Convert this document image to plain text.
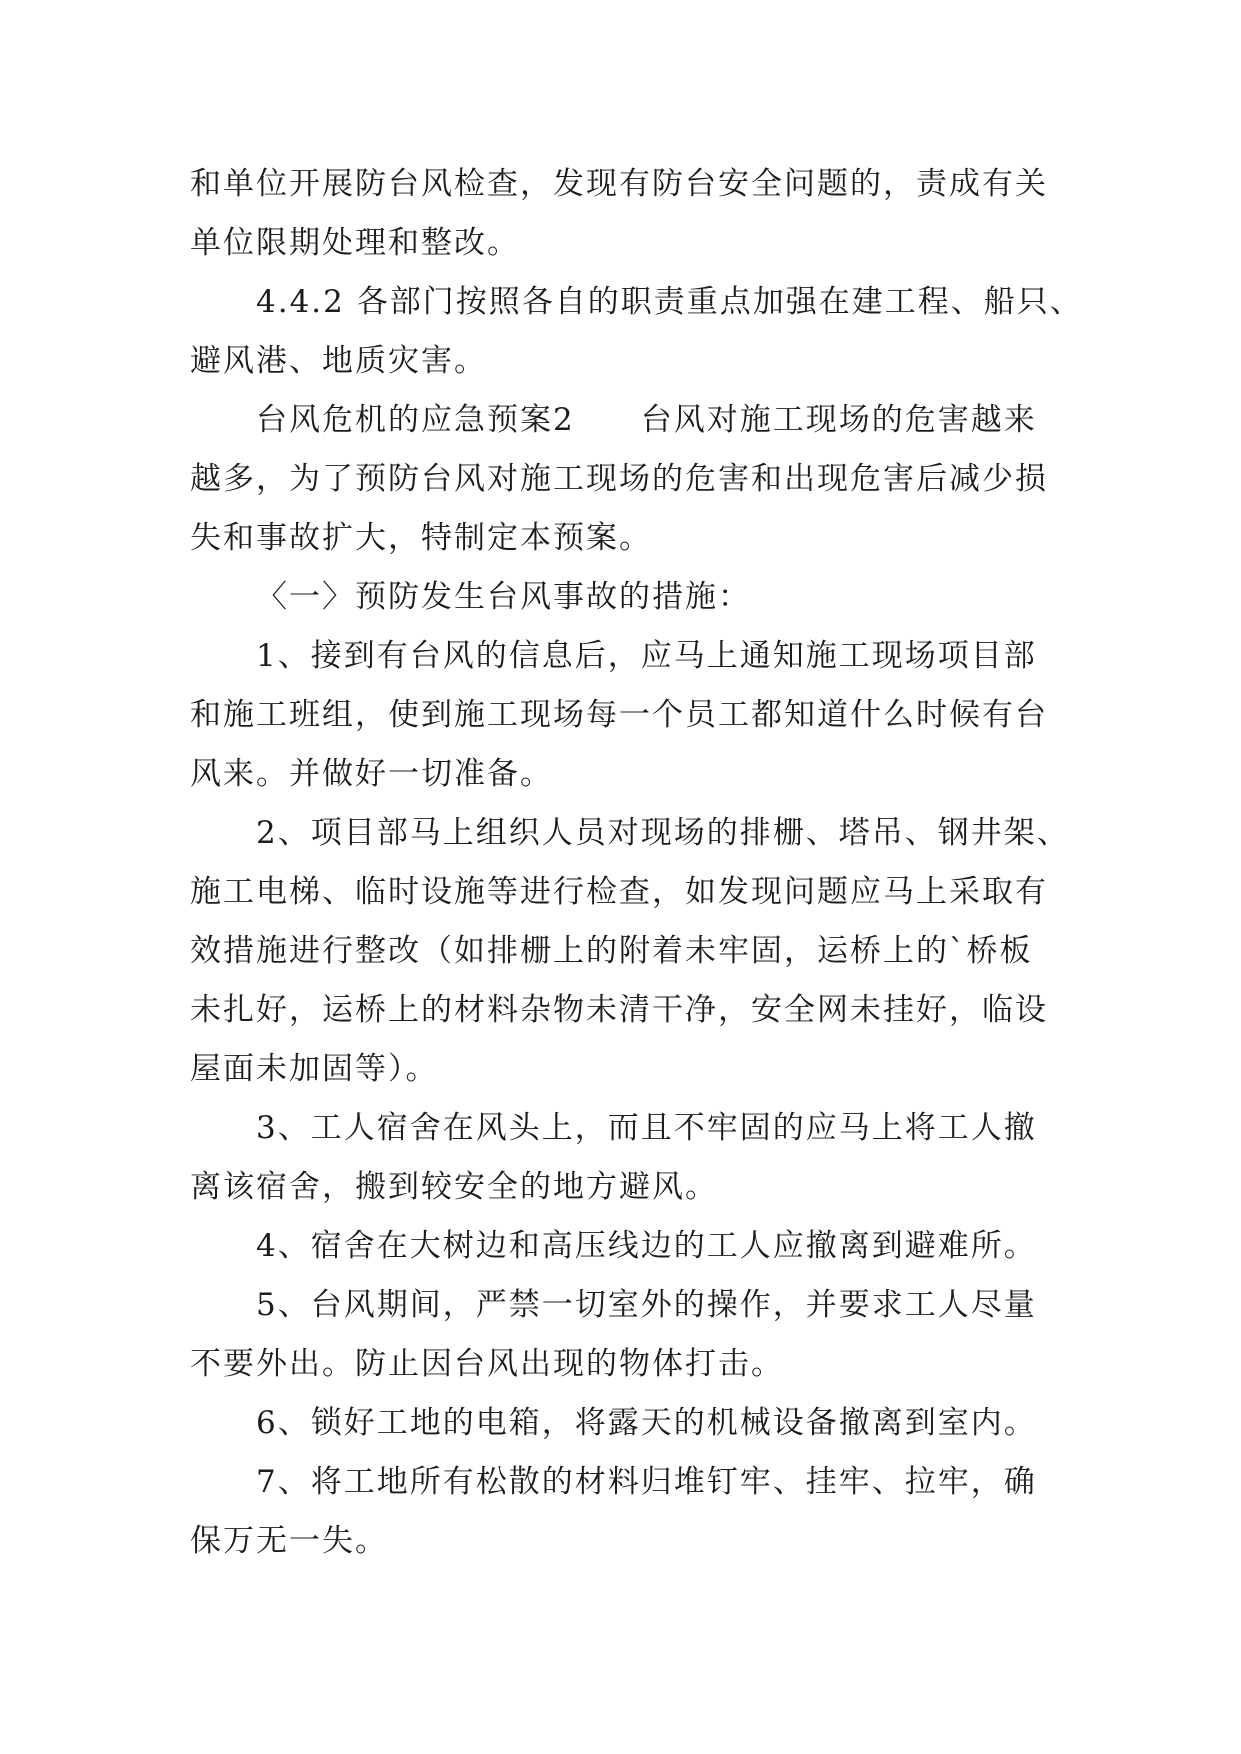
和单位开展防台风检查，发现有防台安全问题的，责成有关
单位限期处理和整改。
4.4.2 各部门按照各自的职责重点加强在建工程、船只、
避风港、地质灾害。
台风危机的应急预案2　　台风对施工现场的危害越来
越多，为了预防台风对施工现场的危害和出现危害后减少损
失和事故扩大，特制定本预案。
〈一〉预防发生台风事故的措施：
1、接到有台风的信息后，应马上通知施工现场项目部
和施工班组，使到施工现场每一个员工都知道什么时候有台
风来。并做好一切准备。
2、项目部马上组织人员对现场的排栅、塔吊、钢井架、
施工电梯、临时设施等进行检查，如发现问题应马上采取有
效措施进行整改（如排栅上的附着未牢固，运桥上的`桥板
未扎好，运桥上的材料杂物未清干净，安全网未挂好，临设
屋面未加固等）。
3、工人宿舍在风头上，而且不牢固的应马上将工人撤
离该宿舍，搬到较安全的地方避风。
4、宿舍在大树边和高压线边的工人应撤离到避难所。
5、台风期间，严禁一切室外的操作，并要求工人尽量
不要外出。防止因台风出现的物体打击。
6、锁好工地的电箱，将露天的机械设备撤离到室内。
7、将工地所有松散的材料归堆钉牢、挂牢、拉牢，确
保万无一失。
